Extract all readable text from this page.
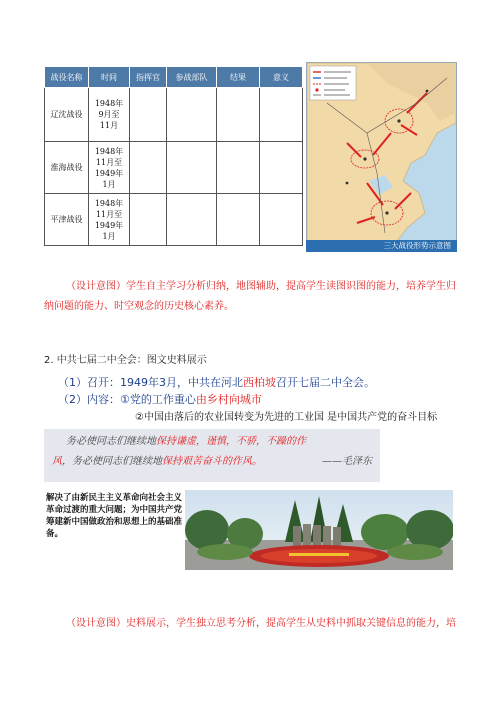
战役名称	时间	指挥官	参战部队	结果	意义
辽沈战役	1948年
9月至
11月				

淮海战役	1948年
11月至
1949年
1月				

平津战役	1948年
11月至
1949年
1月				

三大战役形势示意图
（设计意图）学生自主学习分析归纳，地图辅助，提高学生读图识图的能力，培养学生归
纳问题的能力、时空观念的历史核心素养。
2. 中共七届二中全会：图文史料展示
（1）召开：1949年3月，中共在河北西柏坡召开七届二中全会。
（2）内容：①党的工作重心由乡村向城市
②中国由落后的农业国转变为先进的工业国 是中国共产党的奋斗目标
务必使同志们继续地保持谦虚，谨慎，不骄，不躁的作
风，务必使同志们继续地保持艰苦奋斗的作风。	——毛泽东
解决了由新民主主义革命向社会主义革命过渡的重大问题；为中国共产党筹建新中国做政治和思想上的基础准备。
（设计意图）史料展示，学生独立思考分析，提高学生从史料中抓取关键信息的能力，培
